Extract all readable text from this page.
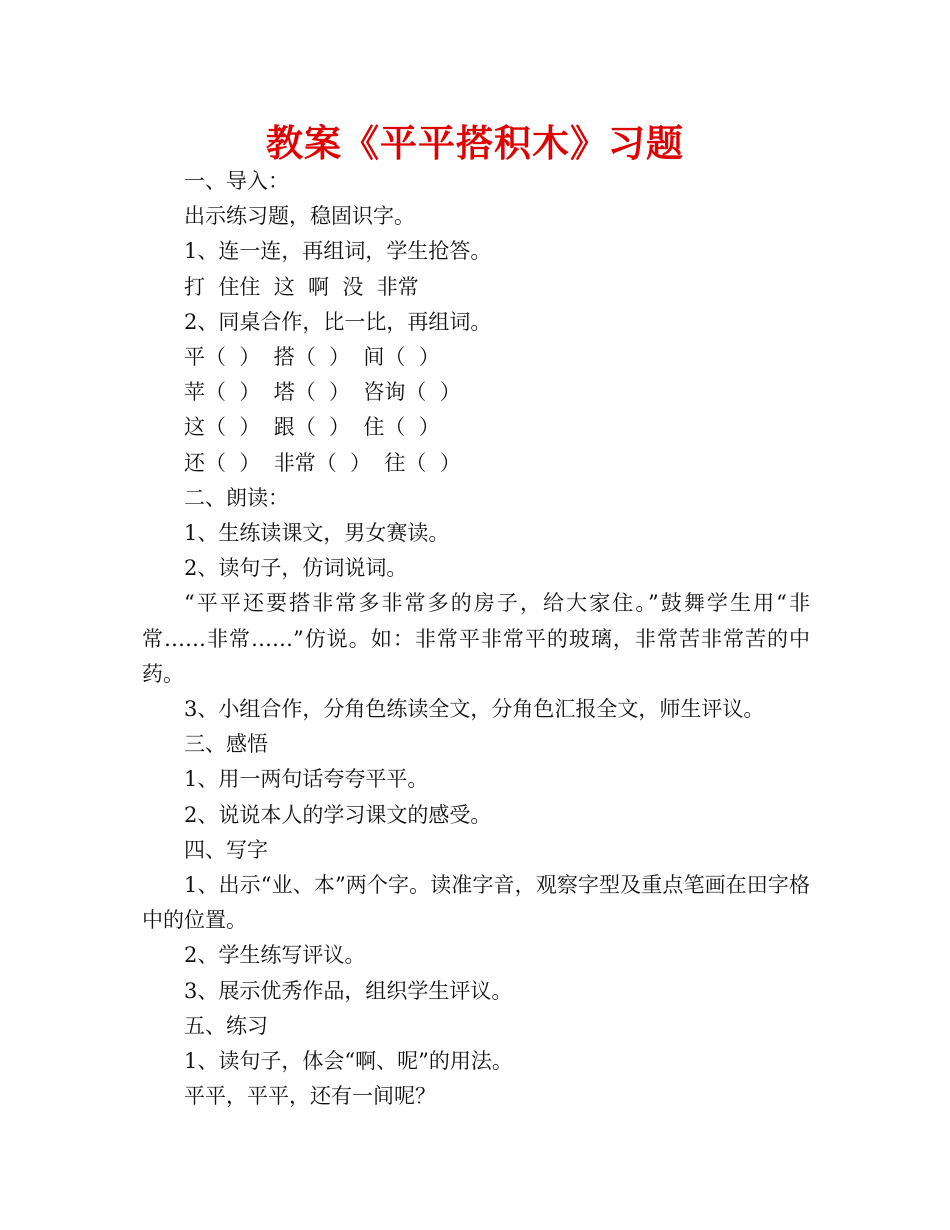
教案《平平搭积木》习题
一、导入：
出示练习题，稳固识字。
1、连一连，再组词，学生抢答。
打  住住  这  啊  没  非常
2、同桌合作，比一比，再组词。
平（  ）  搭（  ）  间（  ）
苹（  ）  塔（  ）  咨询（  ）
这（  ）  跟（  ）  住（  ）
还（  ）  非常（  ）  往（  ）
二、朗读：
1、生练读课文，男女赛读。
2、读句子，仿词说词。

“平平还要搭非常多非常多的房子，给大家住。”鼓舞学生用“非常……非常……”仿说。如：非常平非常平的玻璃，非常苦非常苦的中药。

3、小组合作，分角色练读全文，分角色汇报全文，师生评议。
三、感悟
1、用一两句话夸夸平平。
2、说说本人的学习课文的感受。
四、写字

1、出示“业、本”两个字。读准字音，观察字型及重点笔画在田字格中的位置。

2、学生练写评议。
3、展示优秀作品，组织学生评议。
五、练习
1、读句子，体会“啊、呢”的用法。
平平，平平，还有一间呢？
